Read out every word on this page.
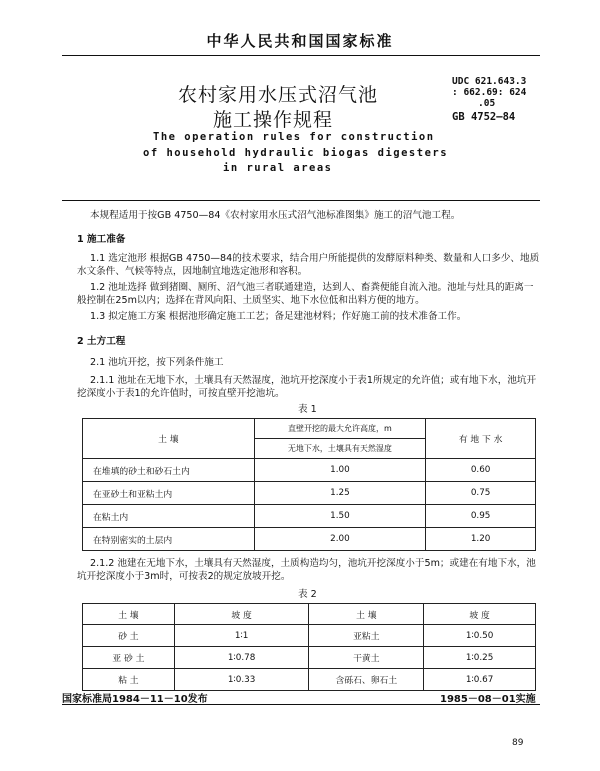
中华人民共和国国家标准
农村家用水压式沼气池
施工操作规程
UDC 621.643.3
: 662.69: 624
.05
GB 4752—84
The operation rules for construction
of household hydraulic biogas digesters
in rural areas
本规程适用于按GB 4750—84《农村家用水压式沼气池标准图集》施工的沼气池工程。
1 施工准备
1.1 选定池形 根据GB 4750—84的技术要求，结合用户所能提供的发酵原料种类、数量和人口多少、地质水文条件、气候等特点，因地制宜地选定池形和容积。
1.2 池址选择 做到猪圈、厕所、沼气池三者联通建造，达到人、畜粪便能自流入池。池址与灶具的距离一般控制在25m以内；选择在背风向阳、土质坚实、地下水位低和出料方便的地方。
1.3 拟定施工方案 根据池形确定施工工艺；备足建池材料；作好施工前的技术准备工作。
2 土方工程
2.1 池坑开挖，按下列条件施工
2.1.1 池址在无地下水，土壤具有天然湿度，池坑开挖深度小于表1所规定的允许值；或有地下水，池坑开挖深度小于表1的允许值时，可按直壁开挖池坑。
表 1
土 壤	直壁开挖的最大允许高度，m	有 地 下 水
	无地下水，土壤具有天然湿度	
在堆填的砂土和砂石土内	1.00	0.60
在亚砂土和亚粘土内	1.25	0.75
在粘土内	1.50	0.95
在特别密实的土层内	2.00	1.20
2.1.2 池建在无地下水，土壤具有天然湿度，土质构造均匀，池坑开挖深度小于5m；或建在有地下水，池坑开挖深度小于3m时，可按表2的规定放坡开挖。
表 2
土 壤	坡 度	土 壤	坡 度
砂 土	1∶1	亚粘土	1∶0.50
亚 砂 土	1∶0.78	干黄土	1∶0.25
粘 土	1∶0.33	含砾石、卵石土	1∶0.67
国家标准局1984－11－10发布	1985－08－01实施
89
